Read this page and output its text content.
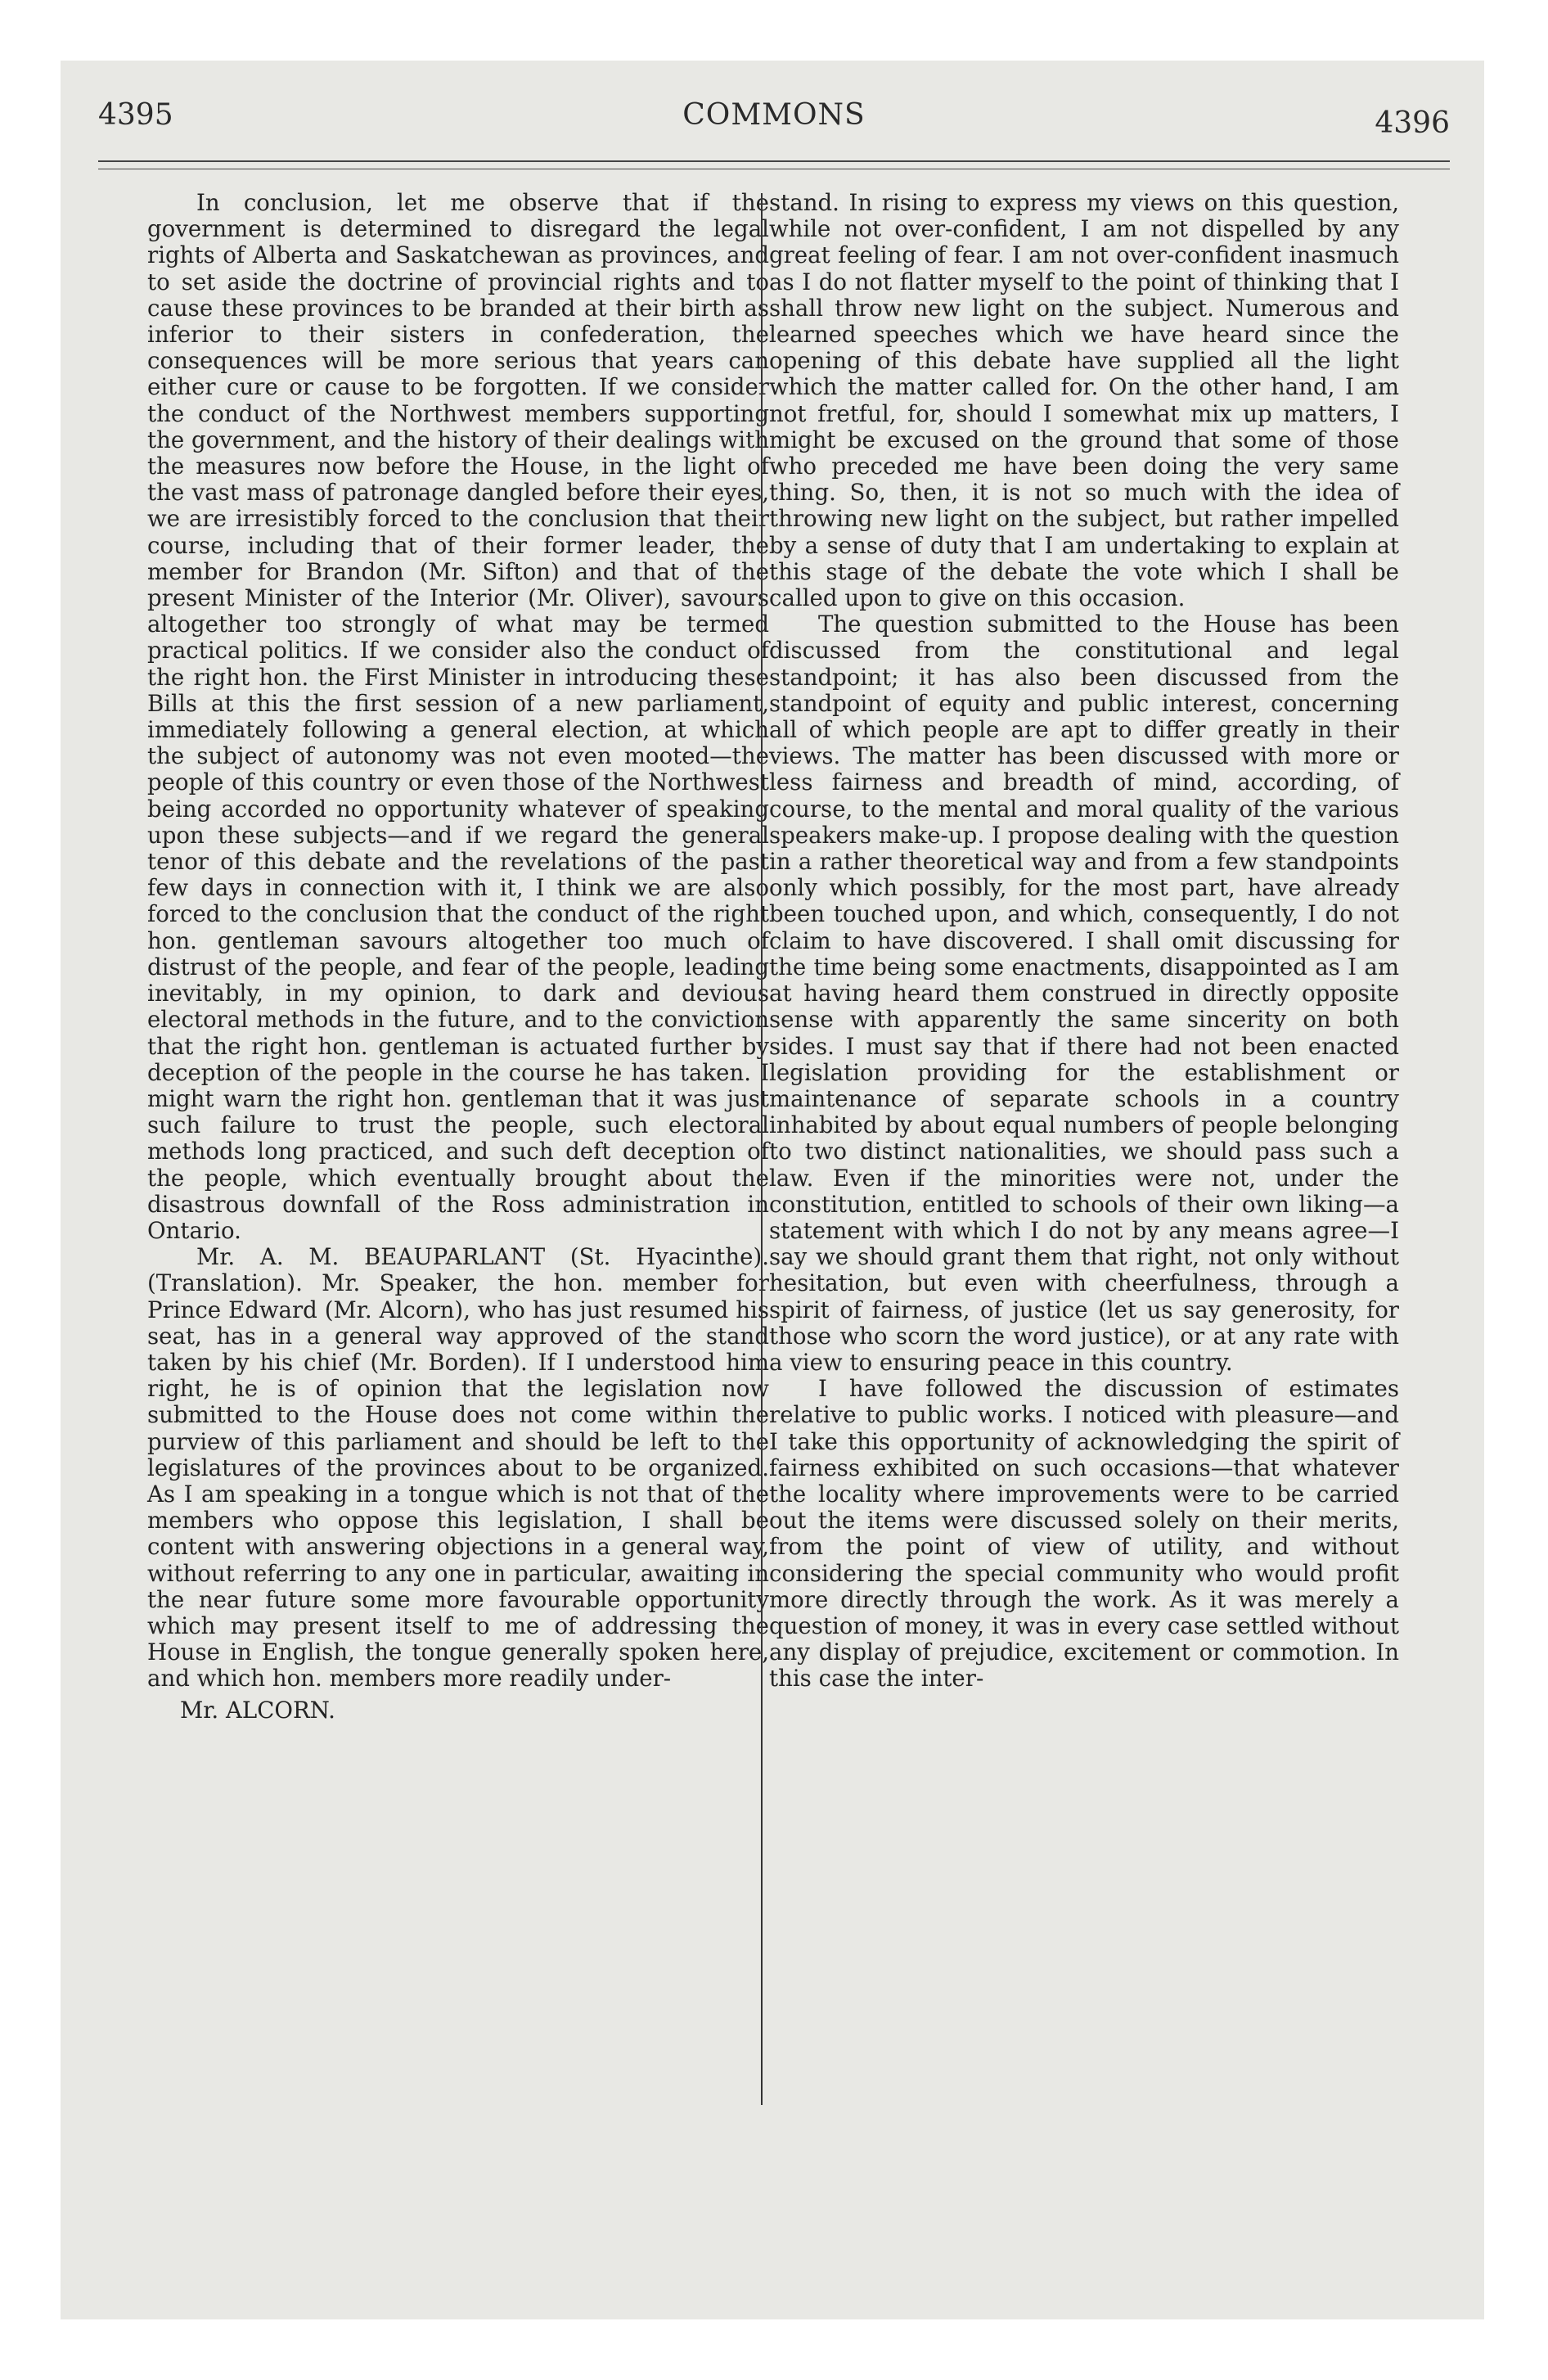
4395	COMMONS	4396

In conclusion, let me observe that if the government is determined to disregard the legal rights of Alberta and Saskatchewan as provinces, and to set aside the doctrine of provincial rights and to cause these provinces to be branded at their birth as inferior to their sisters in confederation, the consequences will be more serious that years can either cure or cause to be forgotten. If we consider the conduct of the Northwest members supporting the government, and the history of their dealings with the measures now before the House, in the light of the vast mass of patronage dangled before their eyes, we are irresistibly forced to the conclusion that their course, including that of their former leader, the member for Brandon (Mr. Sifton) and that of the present Minister of the Interior (Mr. Oliver), savours altogether too strongly of what may be termed practical politics. If we consider also the conduct of the right hon. the First Minister in introducing these Bills at this the first session of a new parliament, immediately following a general election, at which the subject of autonomy was not even mooted—the people of this country or even those of the Northwest being accorded no opportunity whatever of speaking upon these subjects—and if we regard the general tenor of this debate and the revelations of the past few days in connection with it, I think we are also forced to the conclusion that the conduct of the right hon. gentleman savours altogether too much of distrust of the people, and fear of the people, leading inevitably, in my opinion, to dark and devious electoral methods in the future, and to the conviction that the right hon. gentleman is actuated further by deception of the people in the course he has taken. I might warn the right hon. gentleman that it was just such failure to trust the people, such electoral methods long practiced, and such deft deception of the people, which eventually brought about the disastrous downfall of the Ross administration in Ontario.

Mr. A. M. BEAUPARLANT (St. Hyacinthe). (Translation). Mr. Speaker, the hon. member for Prince Edward (Mr. Alcorn), who has just resumed his seat, has in a general way approved of the stand taken by his chief (Mr. Borden). If I understood him right, he is of opinion that the legislation now submitted to the House does not come within the purview of this parliament and should be left to the legislatures of the provinces about to be organized. As I am speaking in a tongue which is not that of the members who oppose this legislation, I shall be content with answering objections in a general way, without referring to any one in particular, awaiting in the near future some more favourable opportunity which may present itself to me of addressing the House in English, the tongue generally spoken here, and which hon. members more readily under-

Mr. ALCORN.

stand. In rising to express my views on this question, while not over-confident, I am not dispelled by any great feeling of fear. I am not over-confident inasmuch as I do not flatter myself to the point of thinking that I shall throw new light on the subject. Numerous and learned speeches which we have heard since the opening of this debate have supplied all the light which the matter called for. On the other hand, I am not fretful, for, should I somewhat mix up matters, I might be excused on the ground that some of those who preceded me have been doing the very same thing. So, then, it is not so much with the idea of throwing new light on the subject, but rather impelled by a sense of duty that I am undertaking to explain at this stage of the debate the vote which I shall be called upon to give on this occasion.

The question submitted to the House has been discussed from the constitutional and legal standpoint; it has also been discussed from the standpoint of equity and public interest, concerning all of which people are apt to differ greatly in their views. The matter has been discussed with more or less fairness and breadth of mind, according, of course, to the mental and moral quality of the various speakers make-up. I propose dealing with the question in a rather theoretical way and from a few standpoints only which possibly, for the most part, have already been touched upon, and which, consequently, I do not claim to have discovered. I shall omit discussing for the time being some enactments, disappointed as I am at having heard them construed in directly opposite sense with apparently the same sincerity on both sides. I must say that if there had not been enacted legislation providing for the establishment or maintenance of separate schools in a country inhabited by about equal numbers of people belonging to two distinct nationalities, we should pass such a law. Even if the minorities were not, under the constitution, entitled to schools of their own liking—a statement with which I do not by any means agree—I say we should grant them that right, not only without hesitation, but even with cheerfulness, through a spirit of fairness, of justice (let us say generosity, for those who scorn the word justice), or at any rate with a view to ensuring peace in this country.

I have followed the discussion of estimates relative to public works. I noticed with pleasure—and I take this opportunity of acknowledging the spirit of fairness exhibited on such occasions—that whatever the locality where improvements were to be carried out the items were discussed solely on their merits, from the point of view of utility, and without considering the special community who would profit more directly through the work. As it was merely a question of money, it was in every case settled without any display of prejudice, excitement or commotion. In this case the inter-
